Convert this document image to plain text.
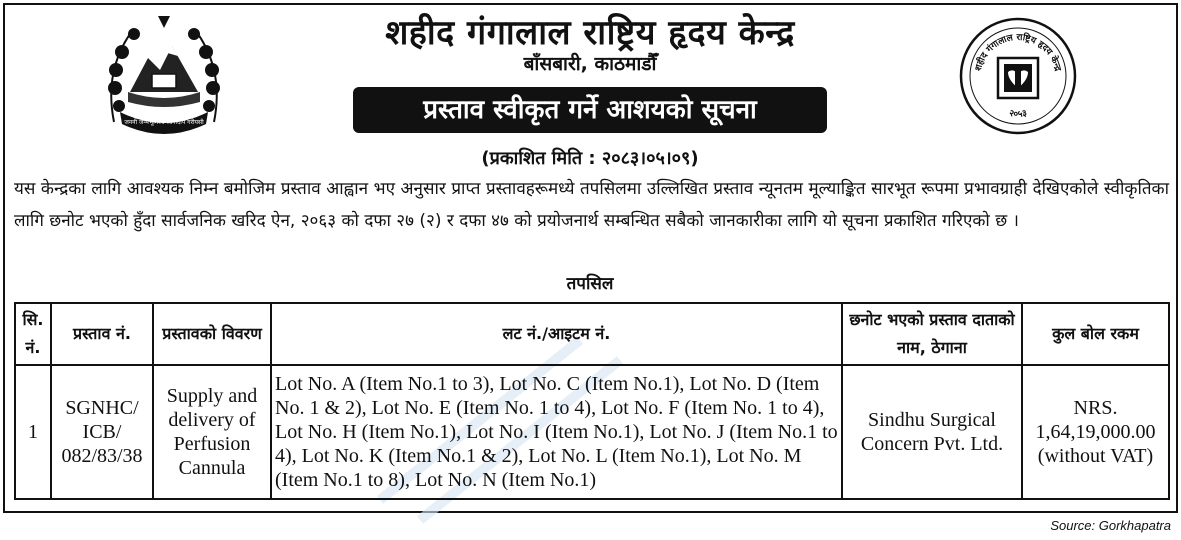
जननी जन्मभूमिश्च स्वर्गादपि गरीयसी
शहीद गंगालाल राष्ट्रिय हृदय केन्द्र
बाँसबारी, काठमाडौँ
प्रस्ताव स्वीकृत गर्ने आशयको सूचना
शहीद गंगालाल राष्ट्रिय हृदय केन्द्र
२०५३
(प्रकाशित मिति : २०८३।०५।०९)
यस केन्द्रका लागि आवश्यक निम्न बमोजिम प्रस्ताव आह्वान भए अनुसार प्राप्त प्रस्तावहरूमध्ये तपसिलमा उल्लिखित प्रस्ताव न्यूनतम मूल्याङ्कित सारभूत रूपमा प्रभावग्राही देखिएकोले स्वीकृतिका लागि छनोट भएको हुँदा सार्वजनिक खरिद ऐन, २०६३ को दफा २७ (२) र दफा ४७ को प्रयोजनार्थ सम्बन्धित सबैको जानकारीका लागि यो सूचना प्रकाशित गरिएको छ ।
तपसिल
सि. नं.	प्रस्ताव नं.	प्रस्तावको विवरण	लट नं./आइटम नं.	छनोट भएको प्रस्ताव दाताको नाम, ठेगाना	कुल बोल रकम
1	SGNHC/ ICB/ 082/83/38	Supply and delivery of Perfusion Cannula	Lot No. A (Item No.1 to 3), Lot No. C (Item No.1), Lot No. D (Item No. 1 & 2), Lot No. E (Item No. 1 to 4), Lot No. F (Item No. 1 to 4), Lot No. H (Item No.1), Lot No. I (Item No.1), Lot No. J (Item No.1 to 4), Lot No. K (Item No.1 & 2), Lot No. L (Item No.1), Lot No. M (Item No.1 to 8), Lot No. N (Item No.1)	Sindhu Surgical Concern Pvt. Ltd.	NRS. 1,64,19,000.00 (without VAT)
Source: Gorkhapatra
